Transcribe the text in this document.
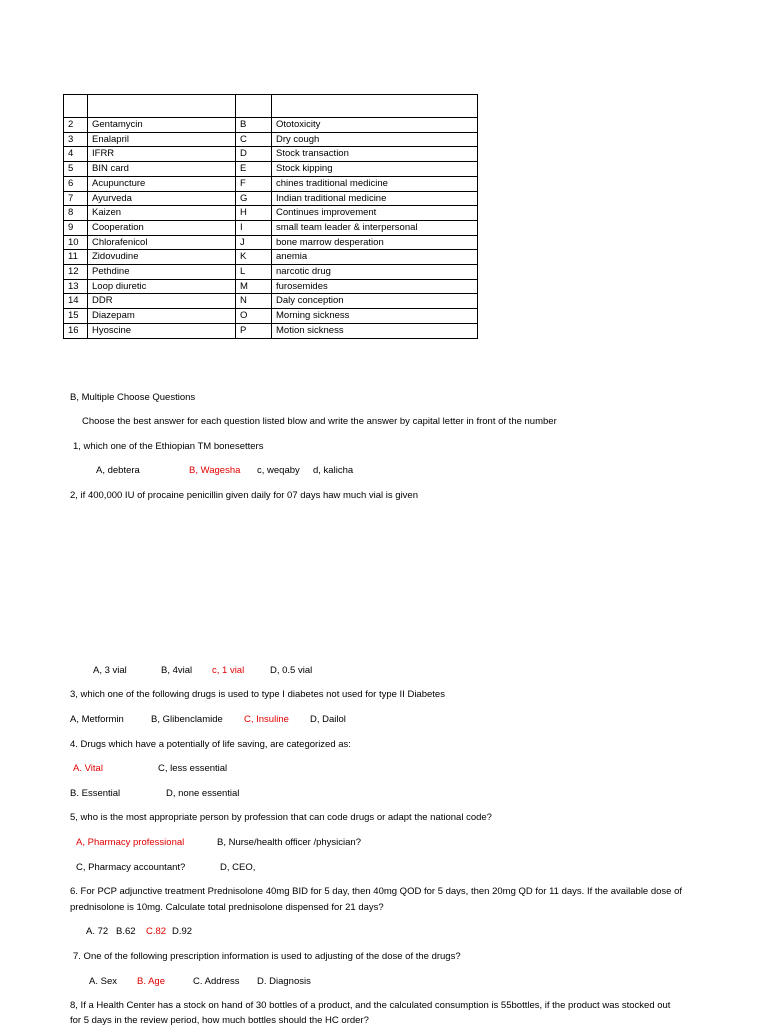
2	Gentamycin	B	Ototoxicity
3	Enalapril	C	Dry cough
4	IFRR	D	Stock transaction
5	BIN card	E	Stock kipping
6	Acupuncture	F	chines traditional medicine
7	Ayurveda	G	Indian traditional medicine
8	Kaizen	H	Continues improvement
9	Cooperation	I	small team leader & interpersonal
10	Chlorafenicol	J	bone marrow desperation
11	Zidovudine	K	anemia
12	Pethdine	L	narcotic drug
13	Loop diuretic	M	furosemides
14	DDR	N	Daly conception
15	Diazepam	O	Morning sickness
16	Hyoscine	P	Motion sickness
B, Multiple Choose Questions
Choose the best answer for each question listed blow and write the answer by capital letter in front of the number
1, which one of the Ethiopian TM bonesetters
A, debtera	B, Wagesha c, weqaby d, kalicha
2, if 400,000 IU of procaine penicillin given daily for 07 days haw much vial is given
A, 3 vial	B, 4vial c, 1 vial	D, 0.5 vial
3, which one of the following drugs is used to type I diabetes not used for type II Diabetes
A, Metformin	B, Glibenclamide C, Insuline D, Dailol
4. Drugs which have a potentially of life saving, are categorized as:
A. Vital	C, less essential
B. Essential	D, none essential
5, who is the most appropriate person by profession that can code drugs or adapt the national code?
A, Pharmacy professional	B, Nurse/health officer /physician?
C, Pharmacy accountant?	D, CEO,
6. For PCP adjunctive treatment Prednisolone 40mg BID for 5 day, then 40mg QOD for 5 days, then 20mg QD for 11 days. If the available dose of
prednisolone is 10mg. Calculate total prednisolone dispensed for 21 days?
A. 72 B.62 C.82 D.92
7. One of the following prescription information is used to adjusting of the dose of the drugs?
A. Sex B. Age	C. Address D. Diagnosis
8, If a Health Center has a stock on hand of 30 bottles of a product, and the calculated consumption is 55bottles, if the product was stocked out
for 5 days in the review period, how much bottles should the HC order?
